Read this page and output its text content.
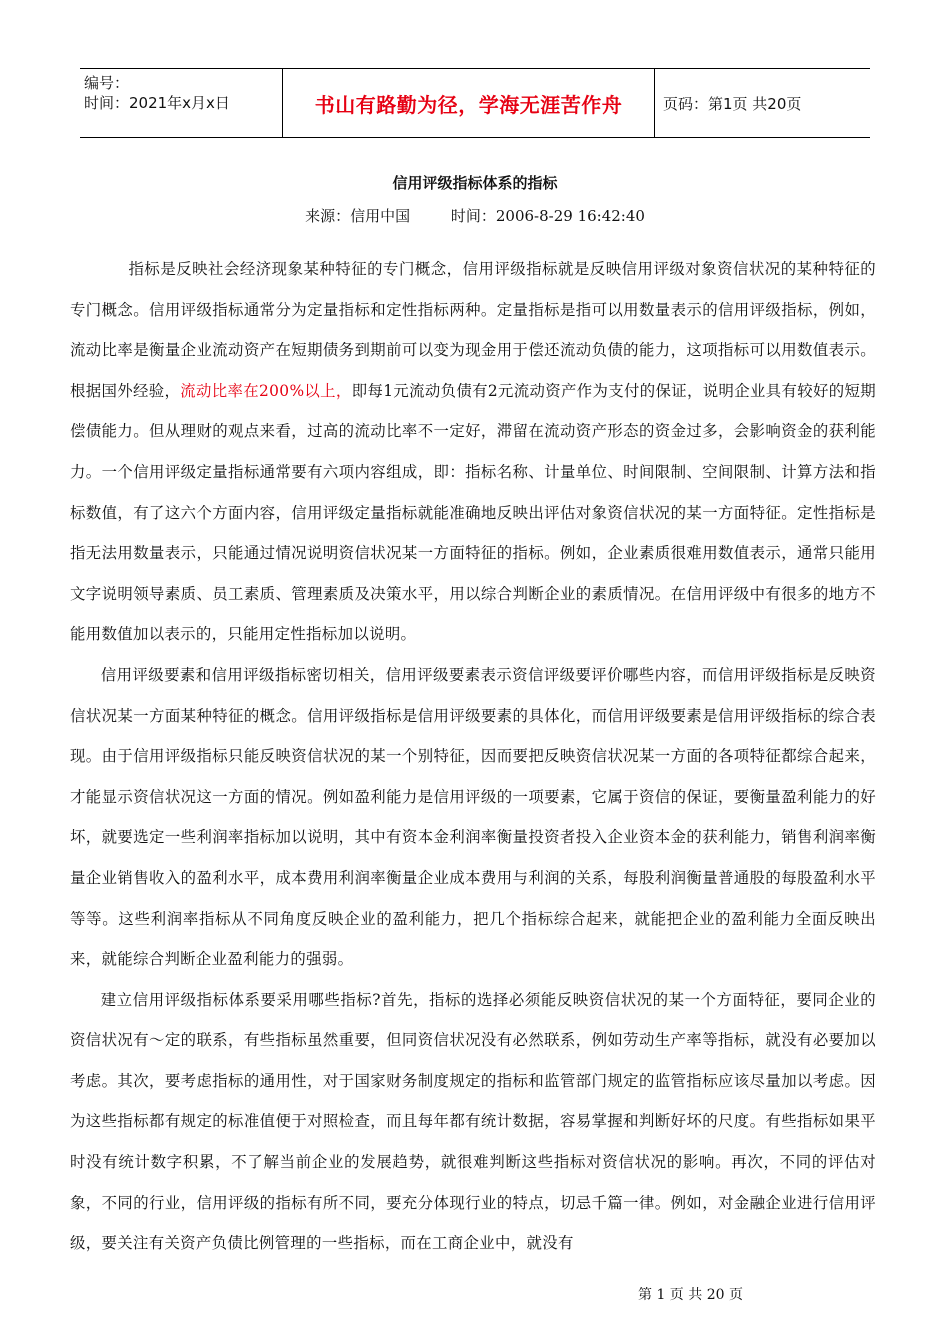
编号：
时间：2021年x月x日	书山有路勤为径，学海无涯苦作舟	页码：第1页 共20页
信用评级指标体系的指标
来源：信用中国	时间：2006-8-29 16:42:40

指标是反映社会经济现象某种特征的专门概念，信用评级指标就是反映信用评级对象资信状况的某种特征的专门概念。信用评级指标通常分为定量指标和定性指标两种。定量指标是指可以用数量表示的信用评级指标，例如，流动比率是衡量企业流动资产在短期债务到期前可以变为现金用于偿还流动负债的能力，这项指标可以用数值表示。根据国外经验，流动比率在200%以上，即每1元流动负债有2元流动资产作为支付的保证，说明企业具有较好的短期偿债能力。但从理财的观点来看，过高的流动比率不一定好，滞留在流动资产形态的资金过多，会影响资金的获利能力。一个信用评级定量指标通常要有六项内容组成，即：指标名称、计量单位、时间限制、空间限制、计算方法和指标数值，有了这六个方面内容，信用评级定量指标就能准确地反映出评估对象资信状况的某一方面特征。定性指标是指无法用数量表示，只能通过情况说明资信状况某一方面特征的指标。例如，企业素质很难用数值表示，通常只能用文字说明领导素质、员工素质、管理素质及决策水平，用以综合判断企业的素质情况。在信用评级中有很多的地方不能用数值加以表示的，只能用定性指标加以说明。

信用评级要素和信用评级指标密切相关，信用评级要素表示资信评级要评价哪些内容，而信用评级指标是反映资信状况某一方面某种特征的概念。信用评级指标是信用评级要素的具体化，而信用评级要素是信用评级指标的综合表现。由于信用评级指标只能反映资信状况的某一个别特征，因而要把反映资信状况某一方面的各项特征都综合起来，才能显示资信状况这一方面的情况。例如盈利能力是信用评级的一项要素，它属于资信的保证，要衡量盈利能力的好坏，就要选定一些利润率指标加以说明，其中有资本金利润率衡量投资者投入企业资本金的获利能力，销售利润率衡量企业销售收入的盈利水平，成本费用利润率衡量企业成本费用与利润的关系，每股利润衡量普通股的每股盈利水平等等。这些利润率指标从不同角度反映企业的盈利能力，把几个指标综合起来，就能把企业的盈利能力全面反映出来，就能综合判断企业盈利能力的强弱。

建立信用评级指标体系要采用哪些指标?首先，指标的选择必须能反映资信状况的某一个方面特征，要同企业的资信状况有～定的联系，有些指标虽然重要，但同资信状况没有必然联系，例如劳动生产率等指标，就没有必要加以考虑。其次，要考虑指标的通用性，对于国家财务制度规定的指标和监管部门规定的监管指标应该尽量加以考虑。因为这些指标都有规定的标准值便于对照检查，而且每年都有统计数据，容易掌握和判断好坏的尺度。有些指标如果平时没有统计数字积累，不了解当前企业的发展趋势，就很难判断这些指标对资信状况的影响。再次，不同的评估对象，不同的行业，信用评级的指标有所不同，要充分体现行业的特点，切忌千篇一律。例如，对金融企业进行信用评级，要关注有关资产负债比例管理的一些指标，而在工商企业中，就没有

第 1 页 共 20 页
